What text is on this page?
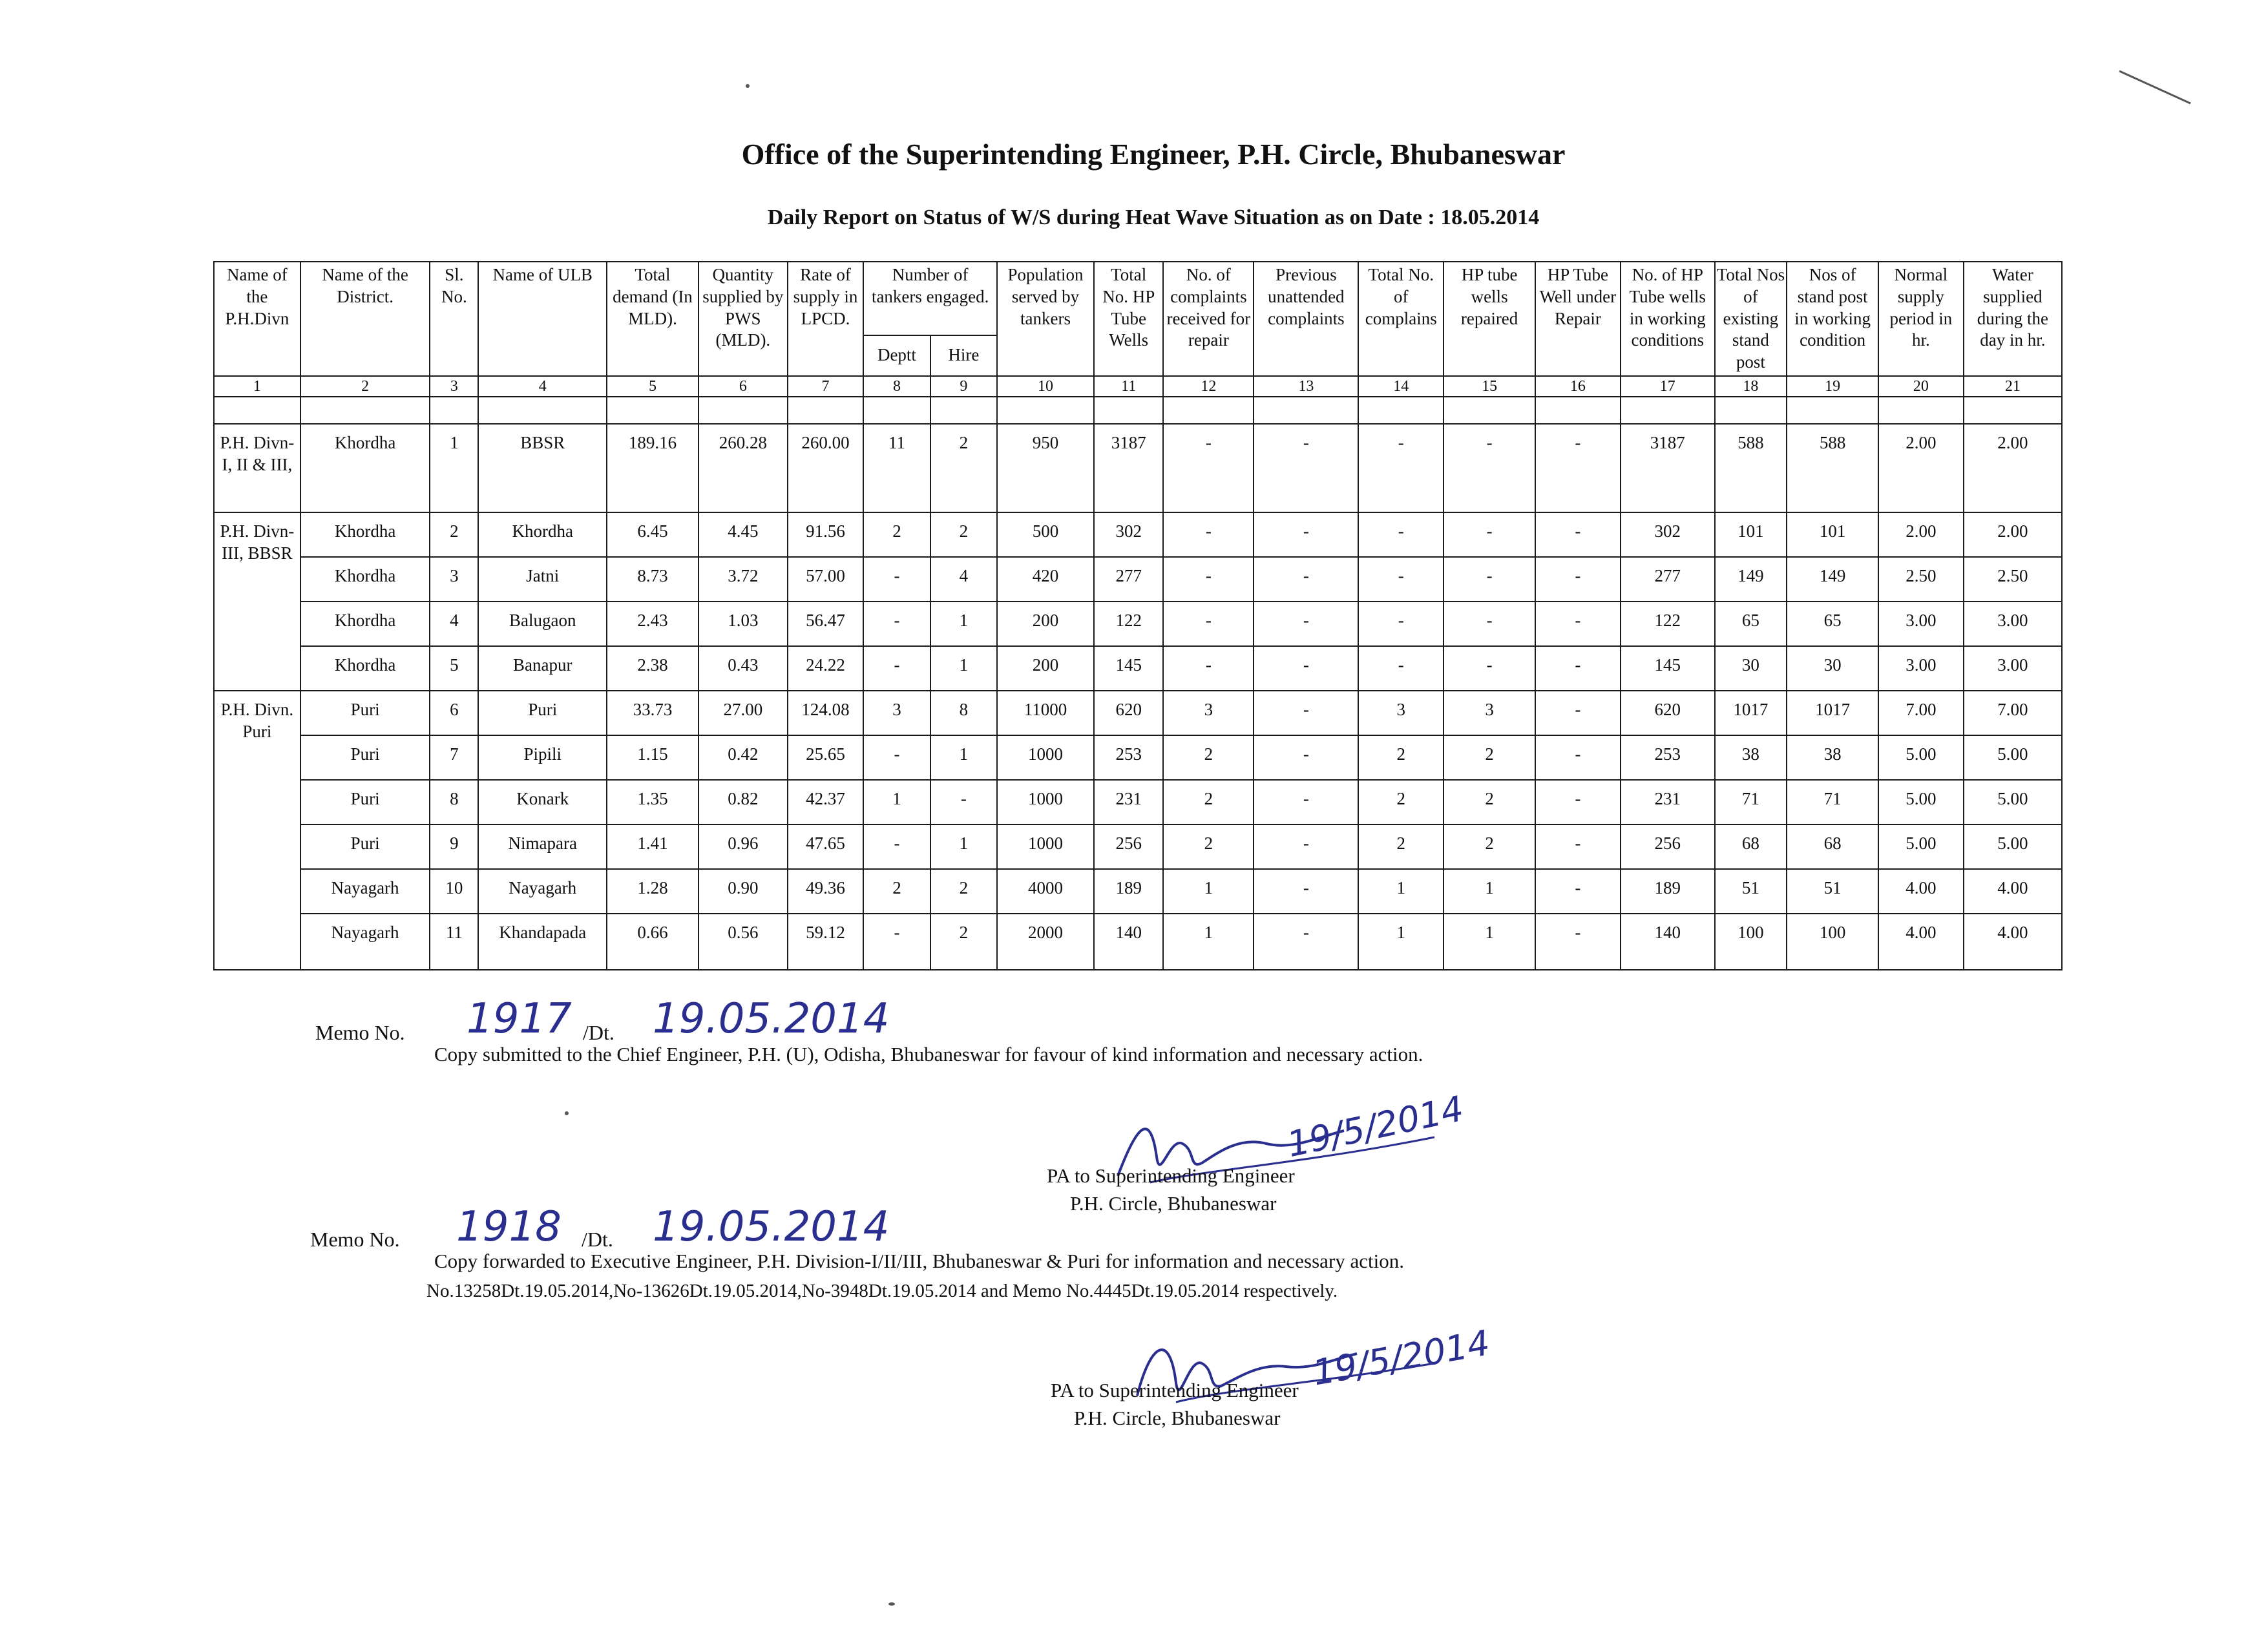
Office of the Superintending Engineer, P.H. Circle, Bhubaneswar
Daily Report on Status of W/S during Heat Wave Situation as on Date : 18.05.2014
Name of the P.H.Divn	Name of the District.	Sl. No.	Name of ULB	Total demand (In MLD).	Quantity supplied by PWS (MLD).	Rate of supply in LPCD.	Number of tankers engaged.		Population served by tankers	Total No. HP Tube Wells	No. of complaints received for repair	Previous unattended complaints	Total No. of complains	HP tube wells repaired	HP Tube Well under Repair	No. of HP Tube wells in working conditions	Total Nos of existing stand post	Nos of stand post in working condition	Normal supply period in hr.	Water supplied during the day in hr.
							Deptt	Hire												
1	2	3	4	5	6	7	8	9	10	11	12	13	14	15	16	17	18	19	20	21

P.H. Divn-I, II & III,	Khordha	1	BBSR	189.16	260.28	260.00	11	2	950	3187	-	-	-	-	-	3187	588	588	2.00	2.00
P.H. Divn-III, BBSR	Khordha	2	Khordha	6.45	4.45	91.56	2	2	500	302	-	-	-	-	-	302	101	101	2.00	2.00
	Khordha	3	Jatni	8.73	3.72	57.00	-	4	420	277	-	-	-	-	-	277	149	149	2.50	2.50
	Khordha	4	Balugaon	2.43	1.03	56.47	-	1	200	122	-	-	-	-	-	122	65	65	3.00	3.00
	Khordha	5	Banapur	2.38	0.43	24.22	-	1	200	145	-	-	-	-	-	145	30	30	3.00	3.00
P.H. Divn. Puri	Puri	6	Puri	33.73	27.00	124.08	3	8	11000	620	3	-	3	3	-	620	1017	1017	7.00	7.00
	Puri	7	Pipili	1.15	0.42	25.65	-	1	1000	253	2	-	2	2	-	253	38	38	5.00	5.00
	Puri	8	Konark	1.35	0.82	42.37	1	-	1000	231	2	-	2	2	-	231	71	71	5.00	5.00
	Puri	9	Nimapara	1.41	0.96	47.65	-	1	1000	256	2	-	2	2	-	256	68	68	5.00	5.00
	Nayagarh	10	Nayagarh	1.28	0.90	49.36	2	2	4000	189	1	-	1	1	-	189	51	51	4.00	4.00
	Nayagarh	11	Khandapada	0.66	0.56	59.12	-	2	2000	140	1	-	1	1	-	140	100	100	4.00	4.00
Memo No. 1917 /Dt. 19.05.2014
Copy submitted to the Chief Engineer, P.H. (U), Odisha, Bhubaneswar for favour of kind information and necessary action.
19/5/2014
PA to Superintending Engineer
P.H. Circle, Bhubaneswar
Memo No. 1918 /Dt. 19.05.2014
Copy forwarded to Executive Engineer, P.H. Division-I/II/III, Bhubaneswar & Puri for information and necessary action.
No.13258Dt.19.05.2014,No-13626Dt.19.05.2014,No-3948Dt.19.05.2014 and Memo No.4445Dt.19.05.2014 respectively.
19/5/2014
PA to Superintending Engineer
P.H. Circle, Bhubaneswar
